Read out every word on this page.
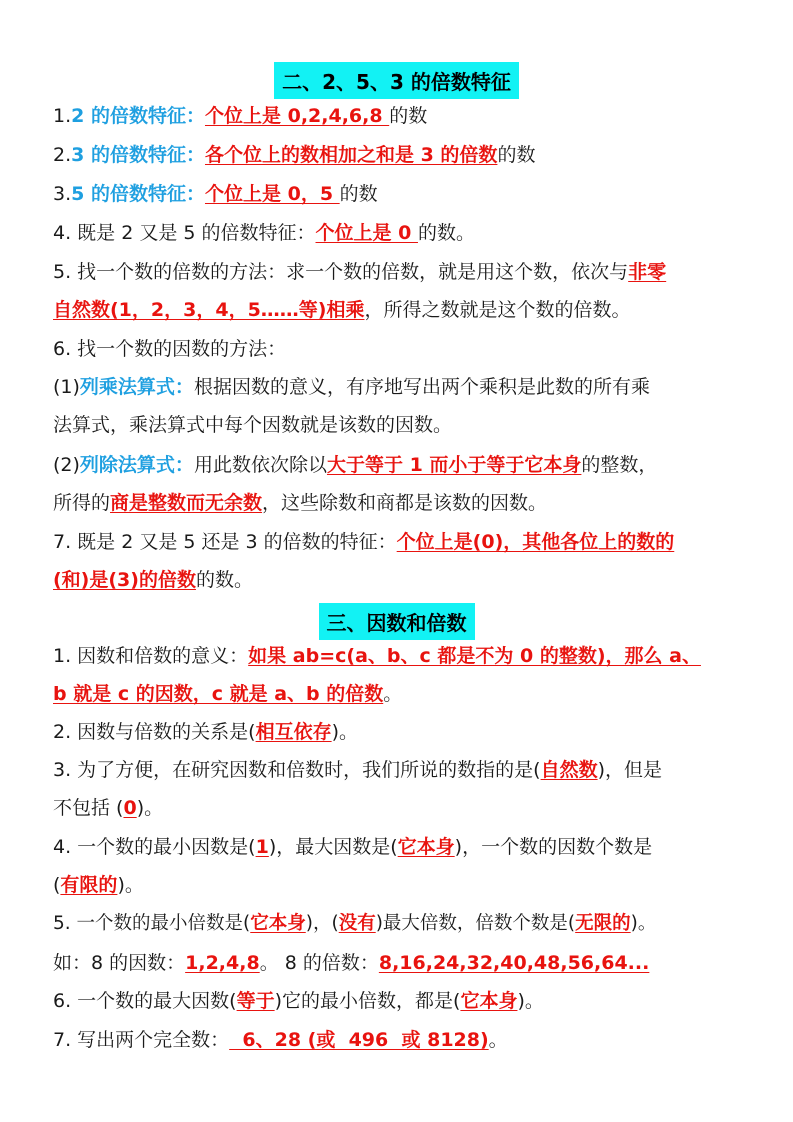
二、2、5、3 的倍数特征
1.2 的倍数特征：个位上是 0,2,4,6,8 的数
2.3 的倍数特征：各个位上的数相加之和是 3 的倍数的数
3.5 的倍数特征：个位上是 0，5 的数
4. 既是 2 又是 5 的倍数特征：个位上是 0 的数。
5. 找一个数的倍数的方法：求一个数的倍数，就是用这个数，依次与非零
自然数(1，2，3，4，5……等)相乘，所得之数就是这个数的倍数。
6. 找一个数的因数的方法：
(1)列乘法算式：根据因数的意义，有序地写出两个乘积是此数的所有乘
法算式，乘法算式中每个因数就是该数的因数。
(2)列除法算式：用此数依次除以大于等于 1 而小于等于它本身的整数，
所得的商是整数而无余数，这些除数和商都是该数的因数。
7. 既是 2 又是 5 还是 3 的倍数的特征：个位上是(0)，其他各位上的数的
(和)是(3)的倍数的数。
三、因数和倍数
1. 因数和倍数的意义：如果 ab=c(a、b、c 都是不为 0 的整数)，那么 a、
b 就是 c 的因数，c 就是 a、b 的倍数。
2. 因数与倍数的关系是(相互依存)。
3. 为了方便，在研究因数和倍数时，我们所说的数指的是(自然数)，但是
不包括 (0)。
4. 一个数的最小因数是(1)，最大因数是(它本身)，一个数的因数个数是
(有限的)。
5. 一个数的最小倍数是(它本身)，(没有)最大倍数，倍数个数是(无限的)。
如：8 的因数：1,2,4,8。 8 的倍数：8,16,24,32,40,48,56,64...
6. 一个数的最大因数(等于)它的最小倍数，都是(它本身)。
7. 写出两个完全数：  6、28 (或  496  或 8128)。
